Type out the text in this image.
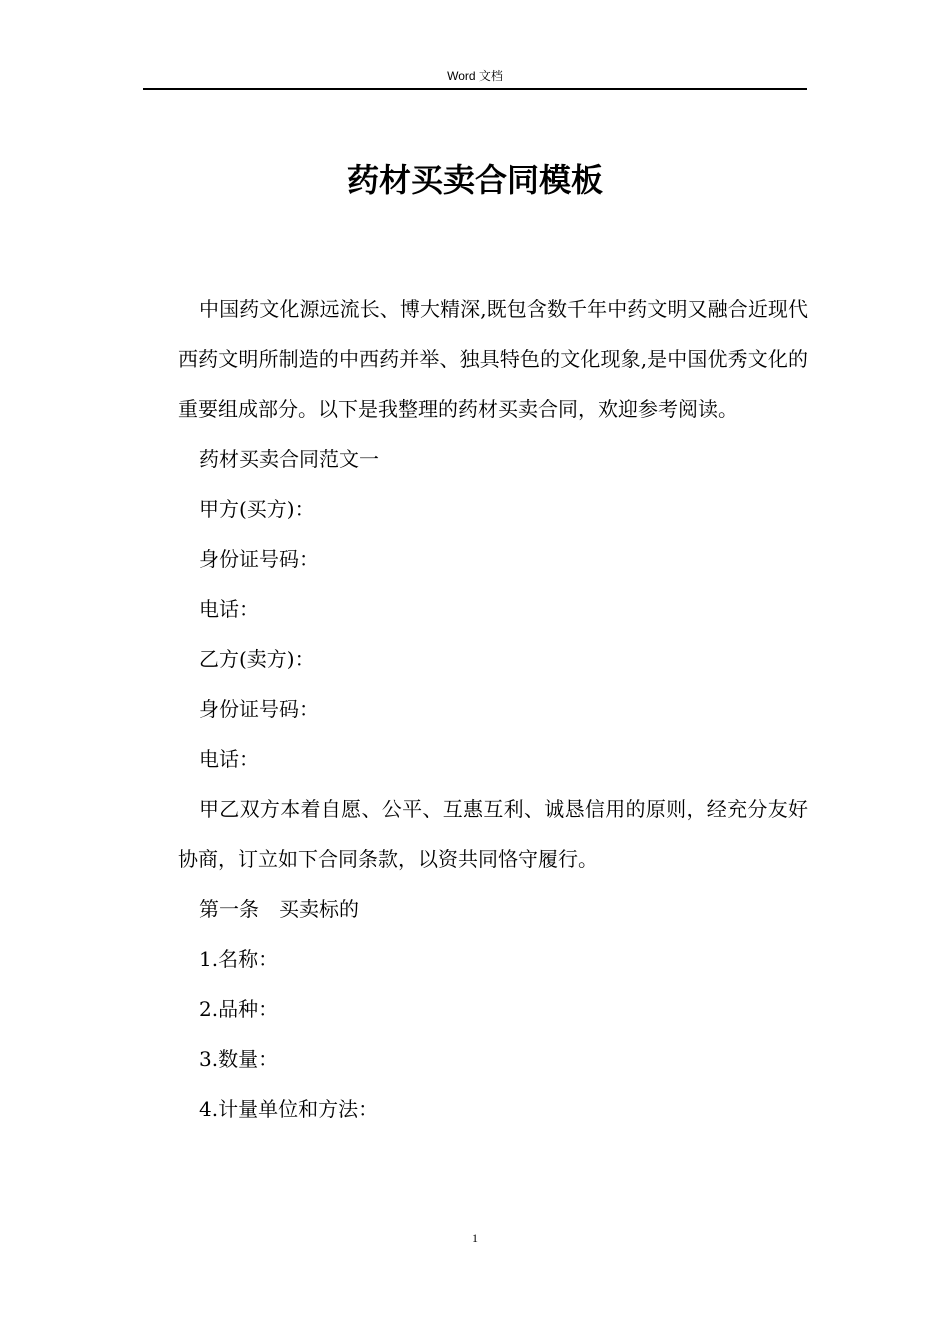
Word 文档
药材买卖合同模板

中国药文化源远流长、博大精深,既包含数千年中药文明又融合近现代西药文明所制造的中西药并举、独具特色的文化现象,是中国优秀文化的重要组成部分。以下是我整理的药材买卖合同，欢迎参考阅读。

药材买卖合同范文一

甲方(买方)：

身份证号码：

电话：

乙方(卖方)：

身份证号码：

电话：

甲乙双方本着自愿、公平、互惠互利、诚恳信用的原则，经充分友好协商，订立如下合同条款，以资共同恪守履行。

第一条　买卖标的

1.名称：

2.品种：

3.数量：

4.计量单位和方法：

1
